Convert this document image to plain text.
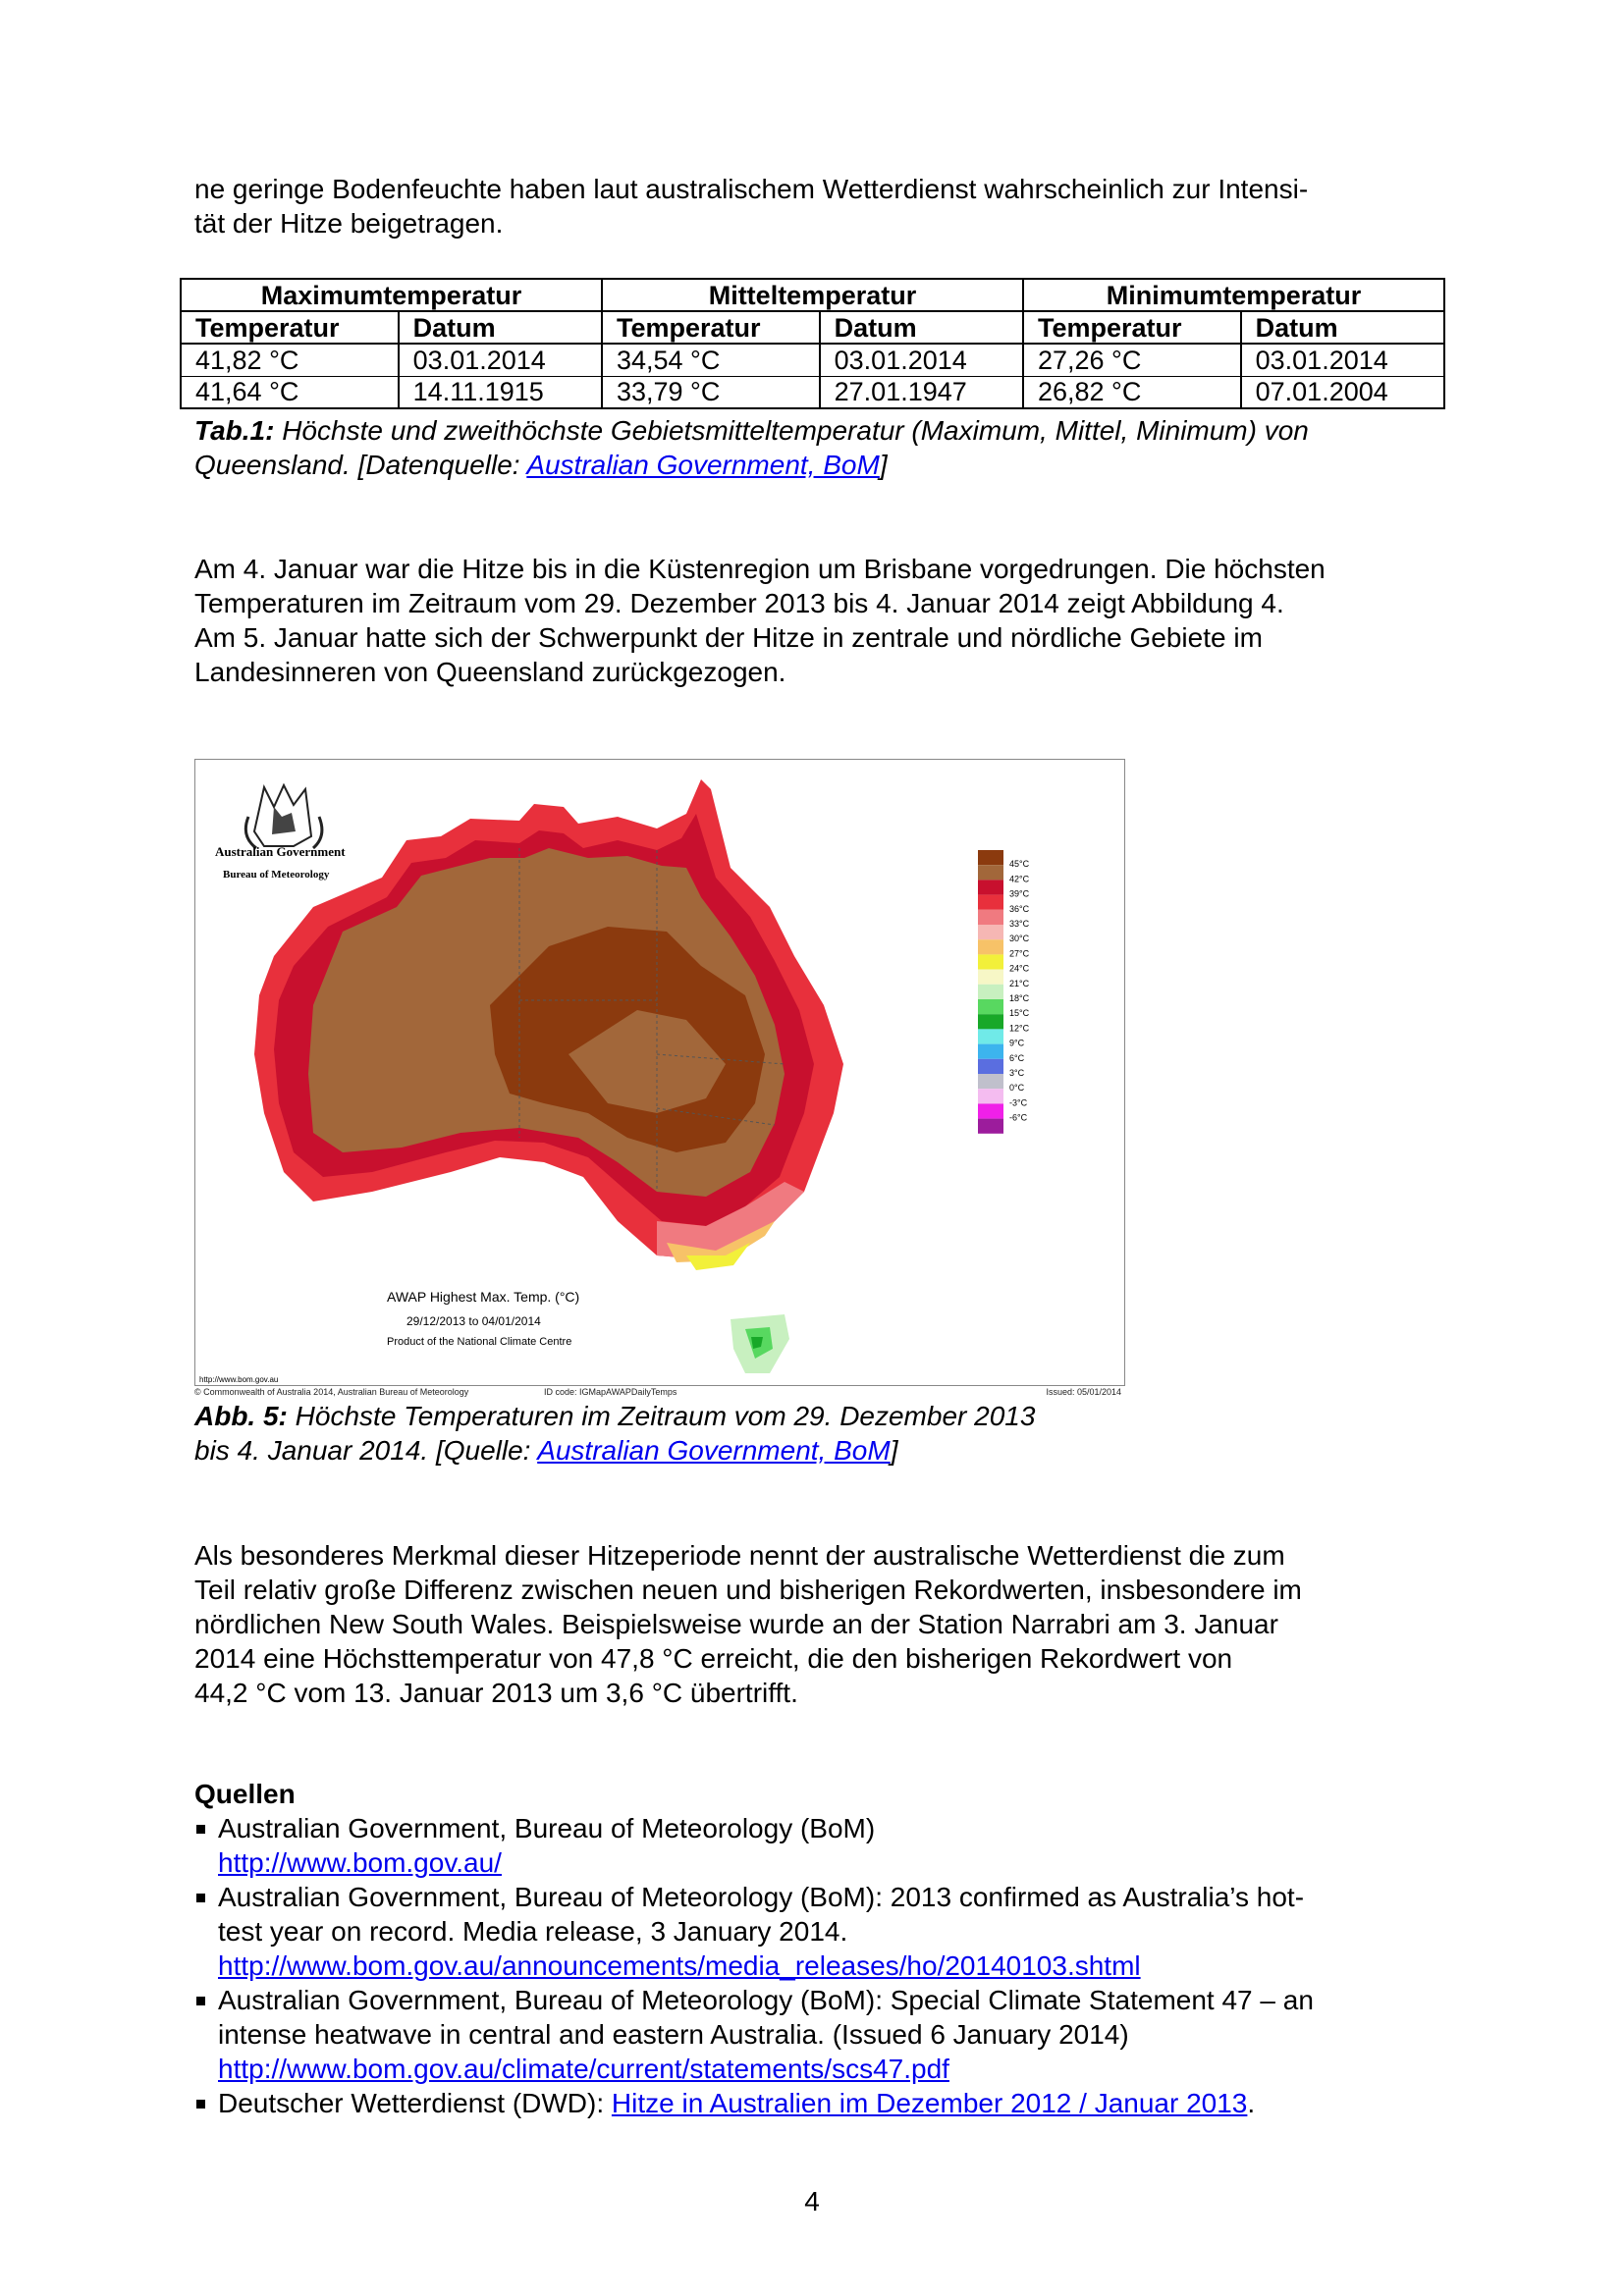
ne geringe Bodenfeuchte haben laut australischem Wetterdienst wahrscheinlich zur Intensi-
tät der Hitze beigetragen.
Maximumtemperatur		Mitteltemperatur		Minimumtemperatur	
Temperatur	Datum	Temperatur	Datum	Temperatur	Datum
41,82 °C	03.01.2014	34,54 °C	03.01.2014	27,26 °C	03.01.2014
41,64 °C	14.11.1915	33,79 °C	27.01.1947	26,82 °C	07.01.2004
Tab.1: Höchste und zweithöchste Gebietsmitteltemperatur (Maximum, Mittel, Minimum) von
Queensland. [Datenquelle: Australian Government, BoM]
Am 4. Januar war die Hitze bis in die Küstenregion um Brisbane vorgedrungen. Die höchsten
Temperaturen im Zeitraum vom 29. Dezember 2013 bis 4. Januar 2014 zeigt Abbildung 4.
Am 5. Januar hatte sich der Schwerpunkt der Hitze in zentrale und nördliche Gebiete im
Landesinneren von Queensland zurückgezogen.
Australian Government
Bureau of Meteorology
AWAP Highest Max. Temp. (°C)
29/12/2013 to 04/01/2014
Product of the National Climate Centre
http://www.bom.gov.au
45°C
42°C
39°C
36°C
33°C
30°C
27°C
24°C
21°C
18°C
15°C
12°C
9°C
6°C
3°C
0°C
-3°C
-6°C
© Commonwealth of Australia 2014, Australian Bureau of Meteorology	ID code: IGMapAWAPDailyTemps	Issued: 05/01/2014
Abb. 5: Höchste Temperaturen im Zeitraum vom 29. Dezember 2013
bis 4. Januar 2014. [Quelle: Australian Government, BoM]
Als besonderes Merkmal dieser Hitzeperiode nennt der australische Wetterdienst die zum
Teil relativ große Differenz zwischen neuen und bisherigen Rekordwerten, insbesondere im
nördlichen New South Wales. Beispielsweise wurde an der Station Narrabri am 3. Januar
2014 eine Höchsttemperatur von 47,8 °C erreicht, die den bisherigen Rekordwert von
44,2 °C vom 13. Januar 2013 um 3,6 °C übertrifft.
Quellen
Australian Government, Bureau of Meteorology (BoM)
http://www.bom.gov.au/
Australian Government, Bureau of Meteorology (BoM): 2013 confirmed as Australia’s hot-
test year on record. Media release, 3 January 2014.
http://www.bom.gov.au/announcements/media_releases/ho/20140103.shtml
Australian Government, Bureau of Meteorology (BoM): Special Climate Statement 47 – an
intense heatwave in central and eastern Australia. (Issued 6 January 2014)
http://www.bom.gov.au/climate/current/statements/scs47.pdf
Deutscher Wetterdienst (DWD): Hitze in Australien im Dezember 2012 / Januar 2013.
4
